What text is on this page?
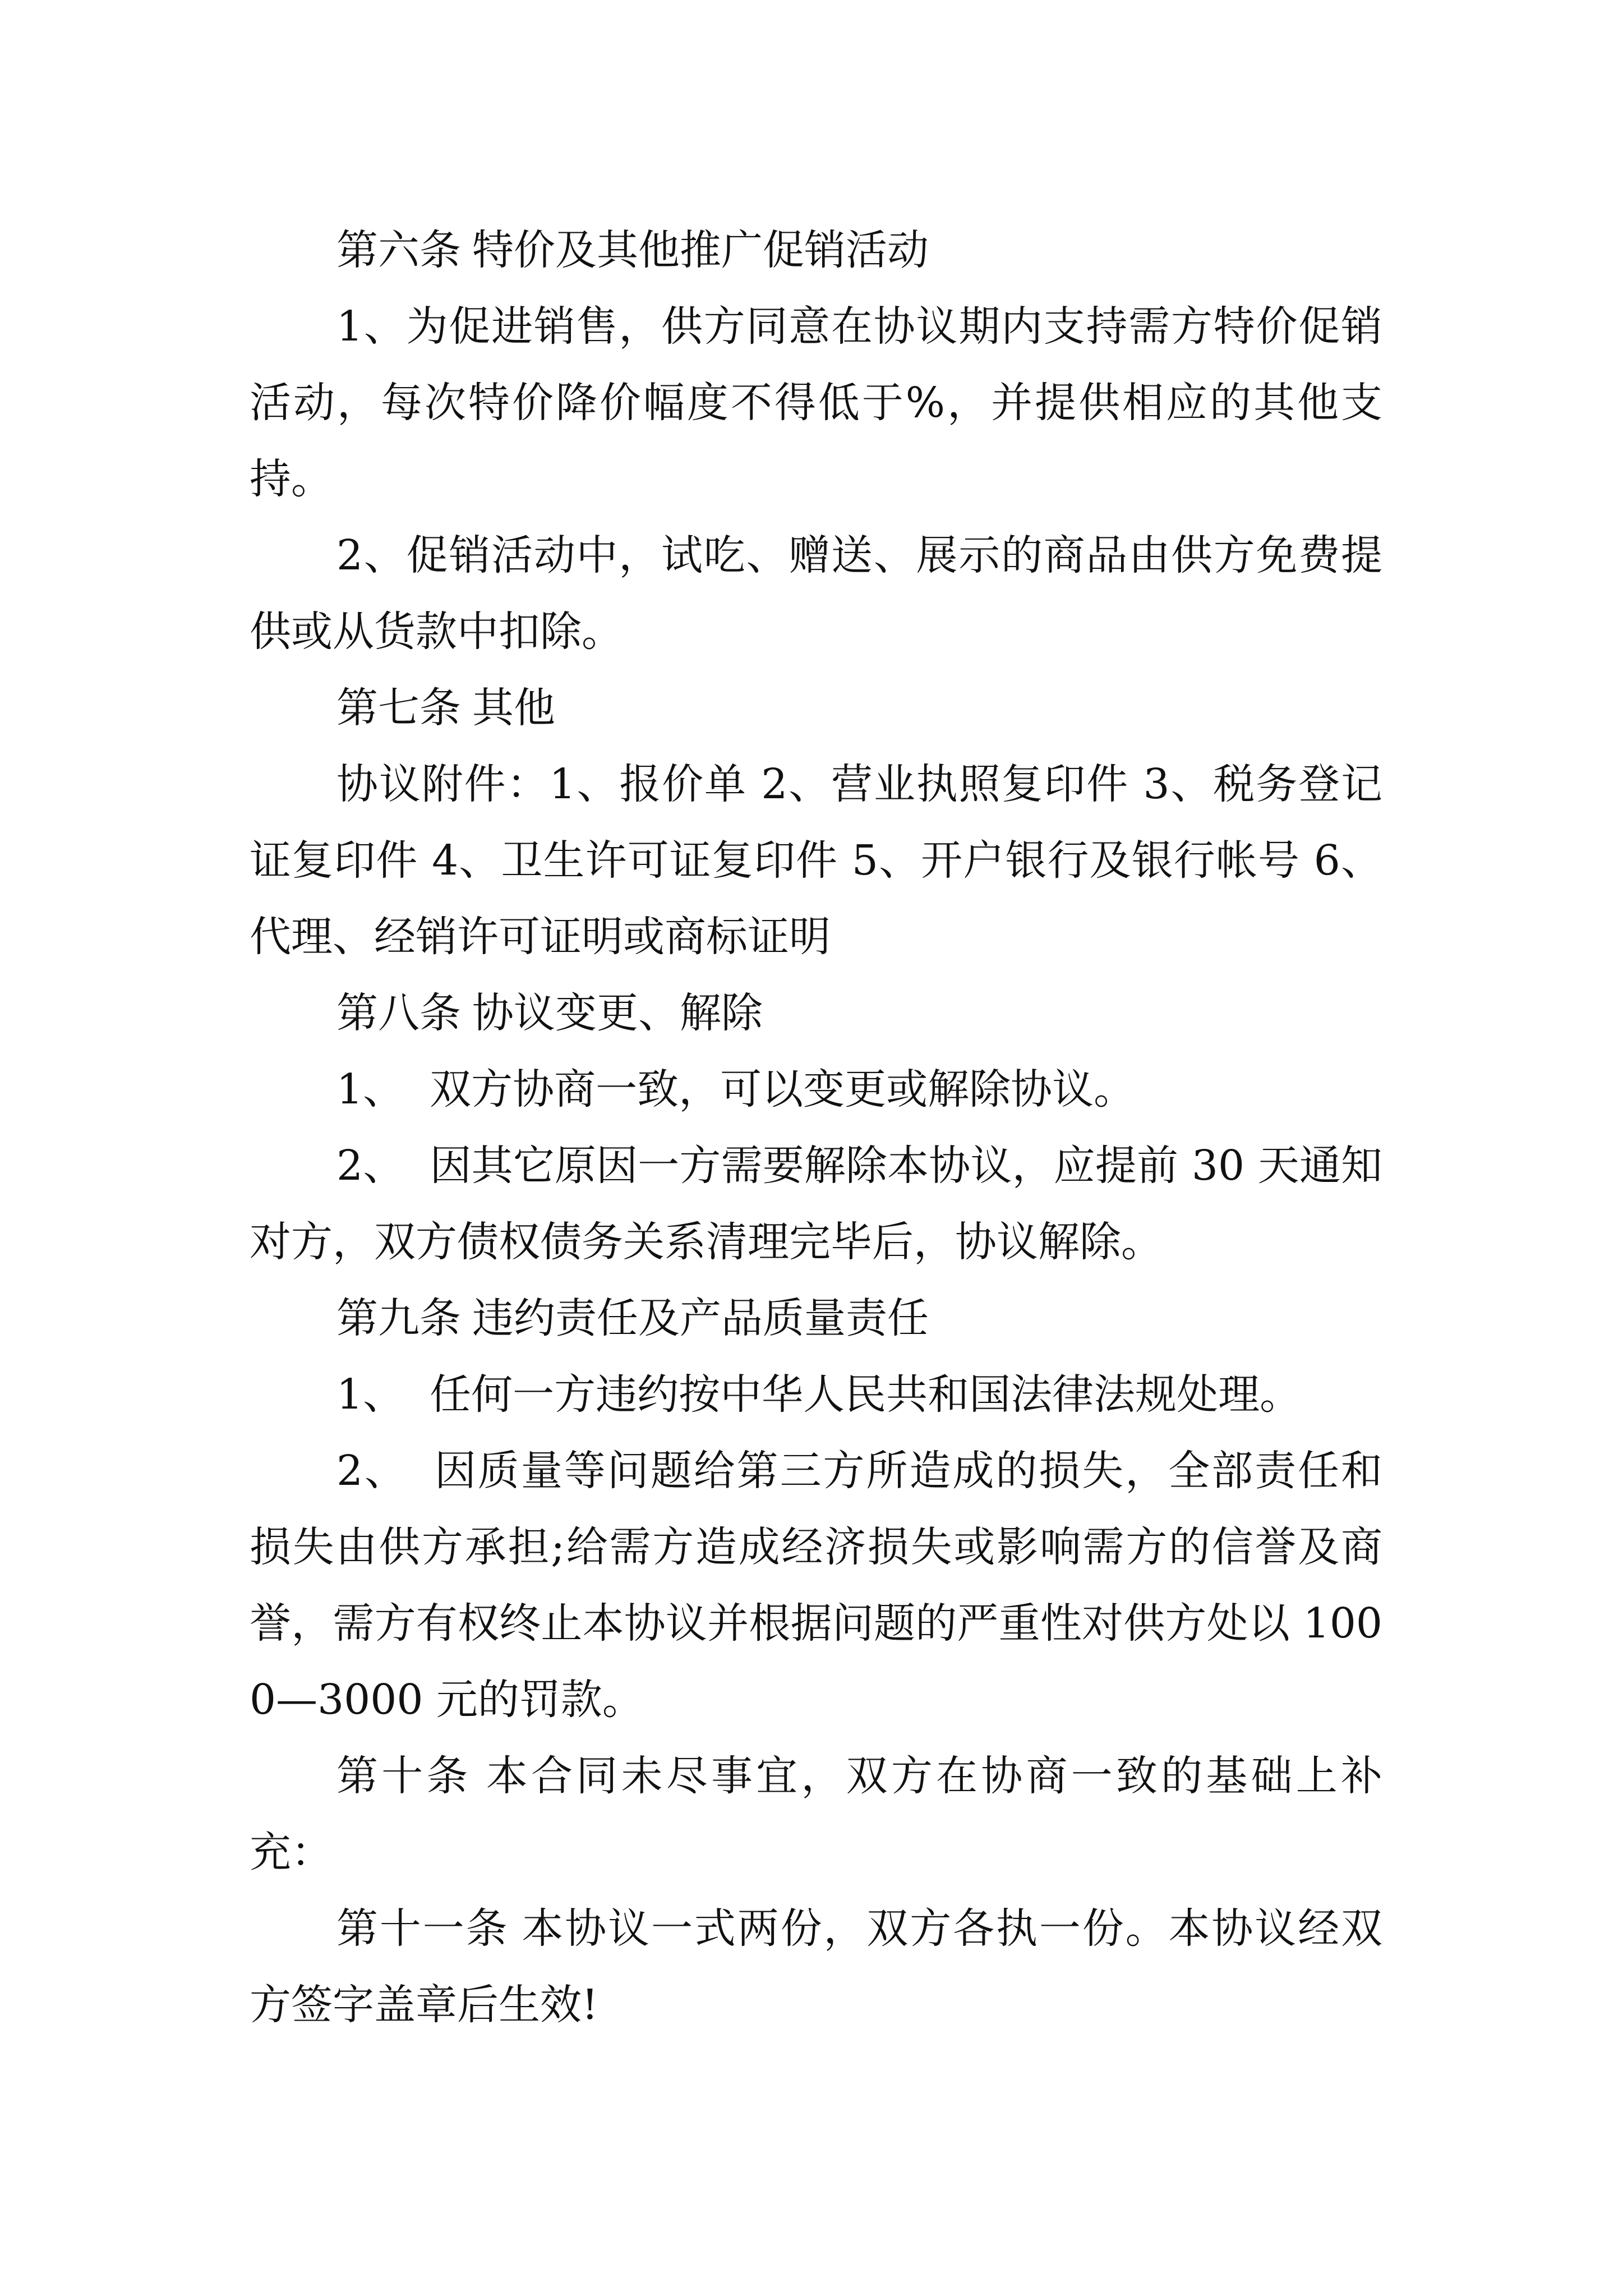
第六条 特价及其他推广促销活动

1、为促进销售，供方同意在协议期内支持需方特价促销活动，每次特价降价幅度不得低于%，并提供相应的其他支持。

2、促销活动中，试吃、赠送、展示的商品由供方免费提供或从货款中扣除。

第七条 其他

协议附件：1、报价单 2、营业执照复印件 3、税务登记证复印件 4、卫生许可证复印件 5、开户银行及银行帐号 6、代理、经销许可证明或商标证明

第八条 协议变更、解除

1、 双方协商一致，可以变更或解除协议。

2、 因其它原因一方需要解除本协议，应提前 30 天通知对方，双方债权债务关系清理完毕后，协议解除。

第九条 违约责任及产品质量责任

1、 任何一方违约按中华人民共和国法律法规处理。

2、 因质量等问题给第三方所造成的损失，全部责任和损失由供方承担;给需方造成经济损失或影响需方的信誉及商誉，需方有权终止本协议并根据问题的严重性对供方处以 1000—3000 元的罚款。

第十条 本合同未尽事宜，双方在协商一致的基础上补充：

第十一条 本协议一式两份，双方各执一份。本协议经双方签字盖章后生效!
